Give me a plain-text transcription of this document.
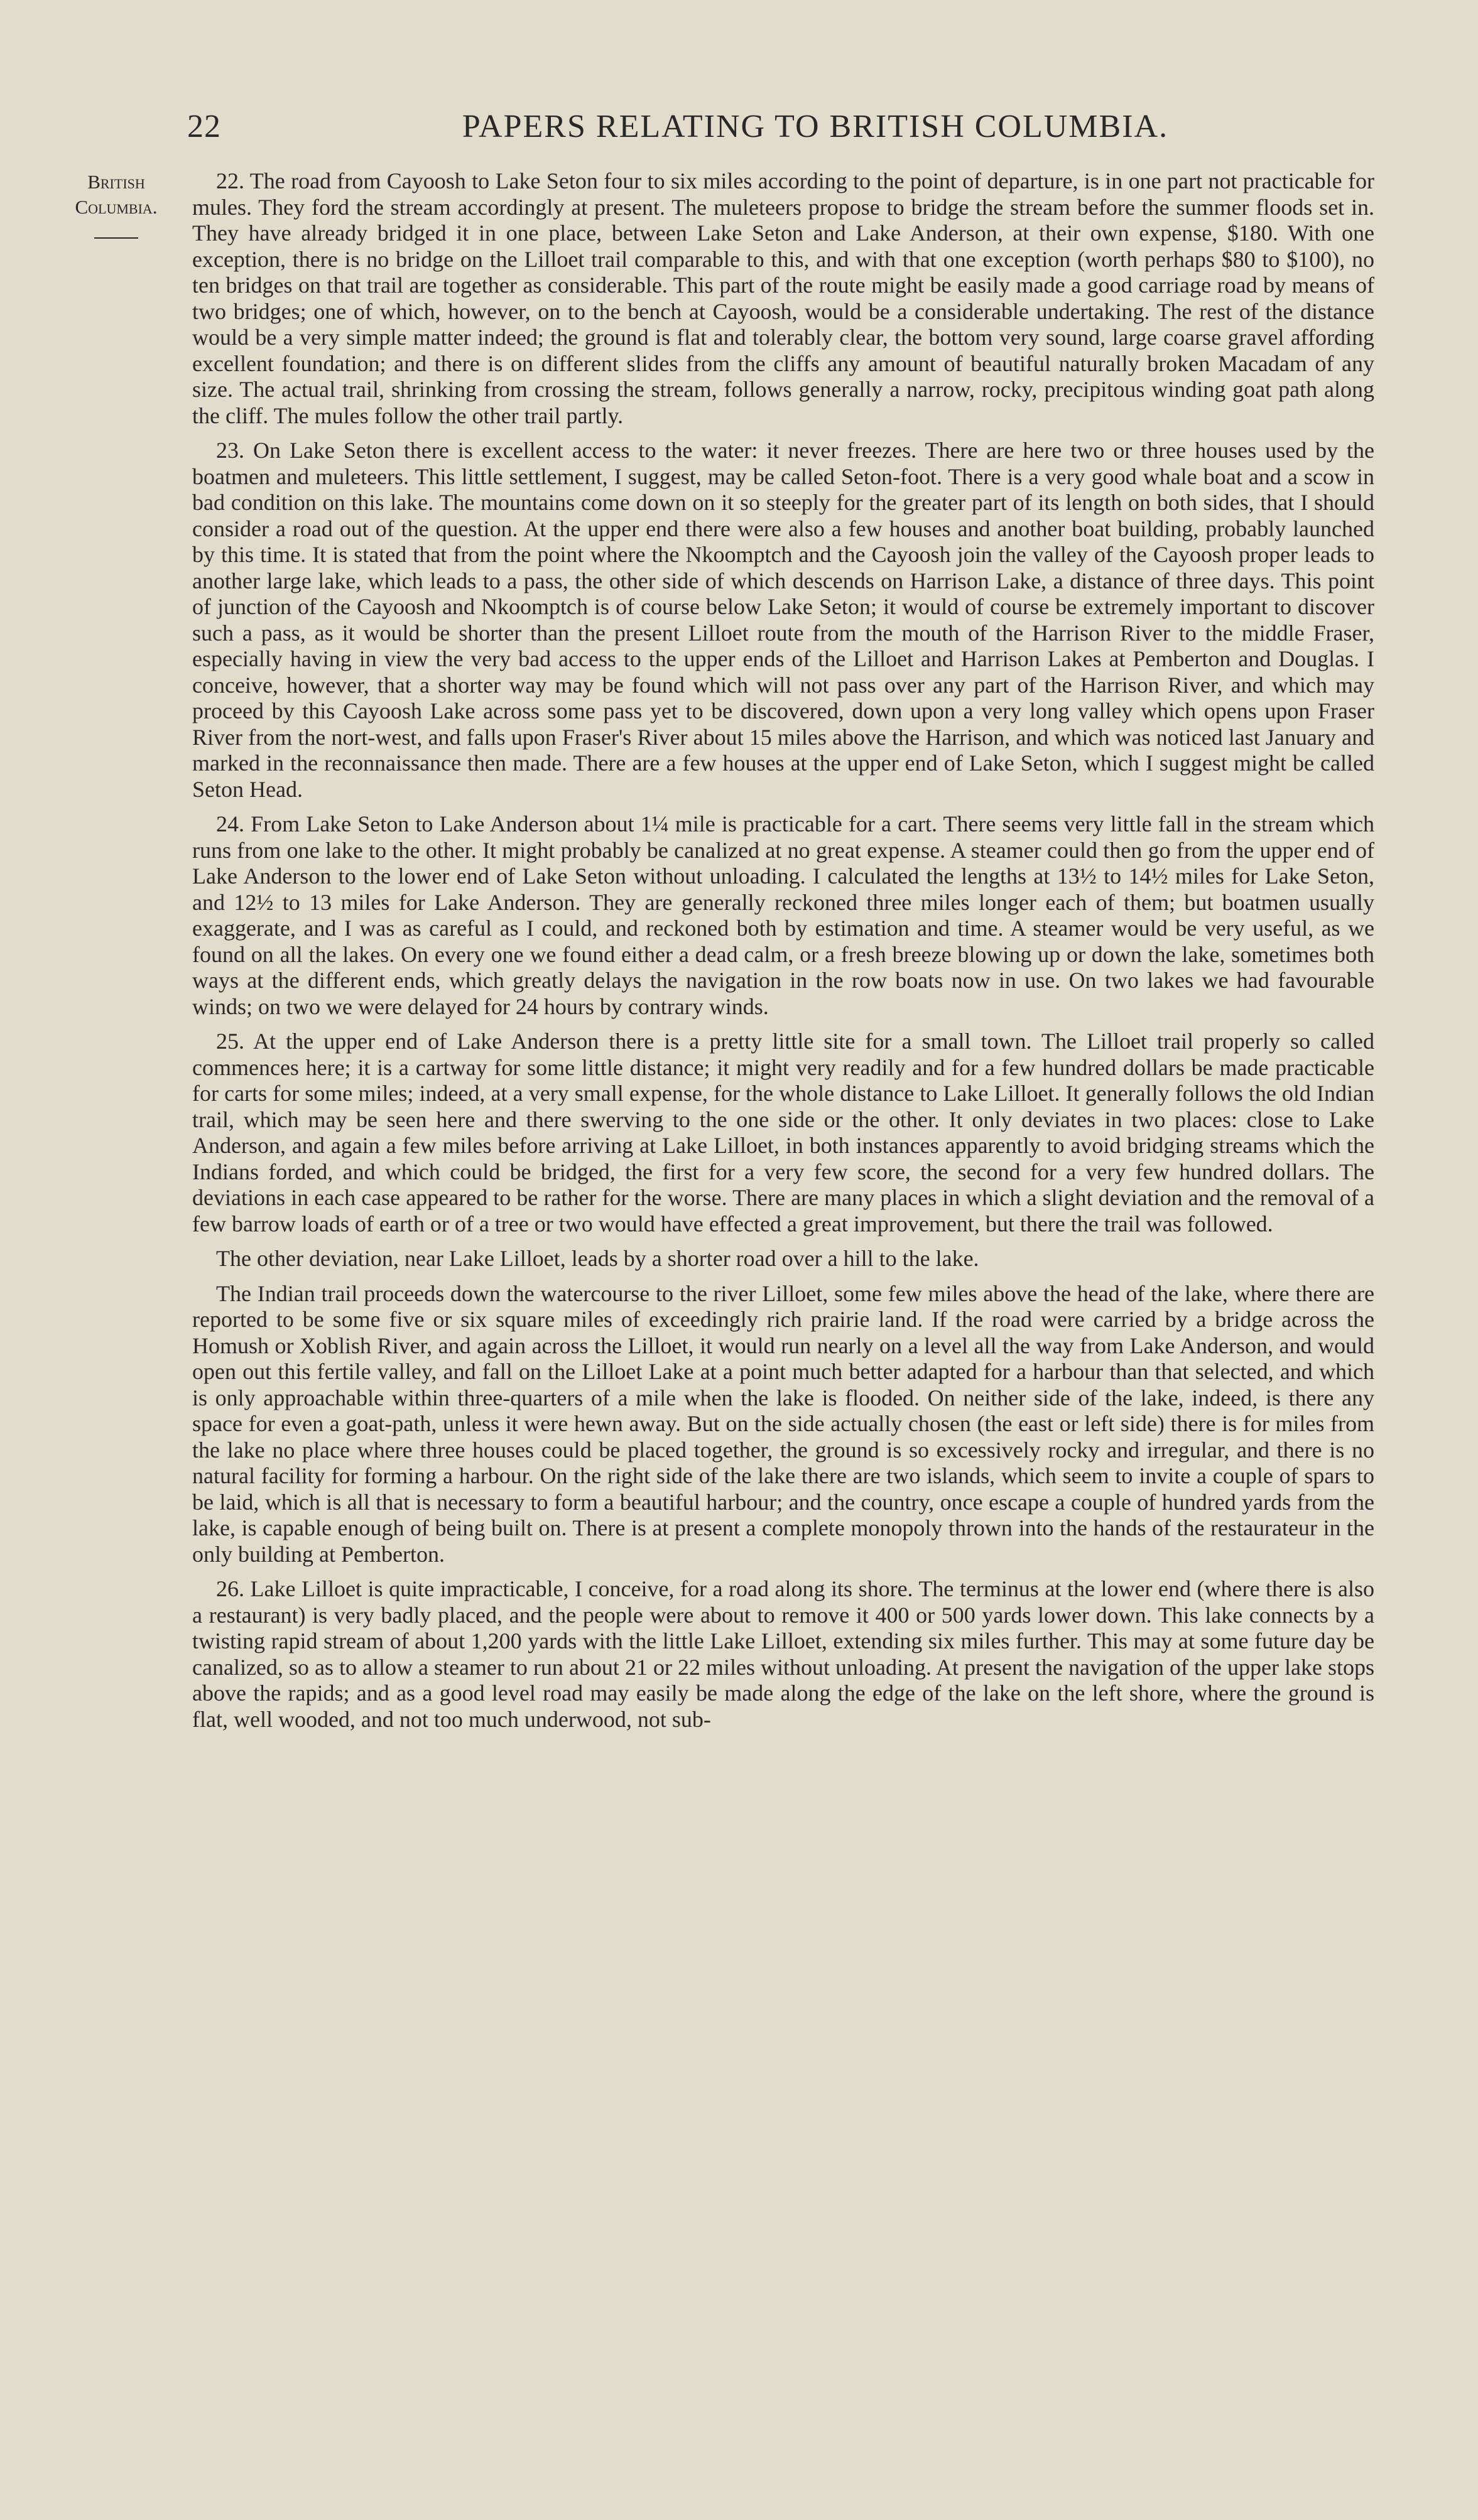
22	PAPERS RELATING TO BRITISH COLUMBIA.
British
Columbia.

22. The road from Cayoosh to Lake Seton four to six miles according to the point of departure, is in one part not practicable for mules. They ford the stream accordingly at present. The muleteers propose to bridge the stream before the summer floods set in. They have already bridged it in one place, between Lake Seton and Lake Anderson, at their own expense, $180. With one exception, there is no bridge on the Lilloet trail comparable to this, and with that one exception (worth perhaps $80 to $100), no ten bridges on that trail are together as considerable. This part of the route might be easily made a good carriage road by means of two bridges; one of which, however, on to the bench at Cayoosh, would be a considerable undertaking. The rest of the distance would be a very simple matter indeed; the ground is flat and tolerably clear, the bottom very sound, large coarse gravel affording excellent foundation; and there is on different slides from the cliffs any amount of beautiful naturally broken Macadam of any size. The actual trail, shrinking from crossing the stream, follows generally a narrow, rocky, precipitous winding goat path along the cliff. The mules follow the other trail partly.

23. On Lake Seton there is excellent access to the water: it never freezes. There are here two or three houses used by the boatmen and muleteers. This little settlement, I suggest, may be called Seton-foot. There is a very good whale boat and a scow in bad condition on this lake. The mountains come down on it so steeply for the greater part of its length on both sides, that I should consider a road out of the question. At the upper end there were also a few houses and another boat building, probably launched by this time. It is stated that from the point where the Nkoomptch and the Cayoosh join the valley of the Cayoosh proper leads to another large lake, which leads to a pass, the other side of which descends on Harrison Lake, a distance of three days. This point of junction of the Cayoosh and Nkoomptch is of course below Lake Seton; it would of course be extremely important to discover such a pass, as it would be shorter than the present Lilloet route from the mouth of the Harrison River to the middle Fraser, especially having in view the very bad access to the upper ends of the Lilloet and Harrison Lakes at Pemberton and Douglas. I conceive, however, that a shorter way may be found which will not pass over any part of the Harrison River, and which may proceed by this Cayoosh Lake across some pass yet to be discovered, down upon a very long valley which opens upon Fraser River from the nort-west, and falls upon Fraser's River about 15 miles above the Harrison, and which was noticed last January and marked in the reconnaissance then made. There are a few houses at the upper end of Lake Seton, which I suggest might be called Seton Head.

24. From Lake Seton to Lake Anderson about 1¼ mile is practicable for a cart. There seems very little fall in the stream which runs from one lake to the other. It might probably be canalized at no great expense. A steamer could then go from the upper end of Lake Anderson to the lower end of Lake Seton without unloading. I calculated the lengths at 13½ to 14½ miles for Lake Seton, and 12½ to 13 miles for Lake Anderson. They are generally reckoned three miles longer each of them; but boatmen usually exaggerate, and I was as careful as I could, and reckoned both by estimation and time. A steamer would be very useful, as we found on all the lakes. On every one we found either a dead calm, or a fresh breeze blowing up or down the lake, sometimes both ways at the different ends, which greatly delays the navigation in the row boats now in use. On two lakes we had favourable winds; on two we were delayed for 24 hours by contrary winds.

25. At the upper end of Lake Anderson there is a pretty little site for a small town. The Lilloet trail properly so called commences here; it is a cartway for some little distance; it might very readily and for a few hundred dollars be made practicable for carts for some miles; indeed, at a very small expense, for the whole distance to Lake Lilloet. It generally follows the old Indian trail, which may be seen here and there swerving to the one side or the other. It only deviates in two places: close to Lake Anderson, and again a few miles before arriving at Lake Lilloet, in both instances apparently to avoid bridging streams which the Indians forded, and which could be bridged, the first for a very few score, the second for a very few hundred dollars. The deviations in each case appeared to be rather for the worse. There are many places in which a slight deviation and the removal of a few barrow loads of earth or of a tree or two would have effected a great improvement, but there the trail was followed.

The other deviation, near Lake Lilloet, leads by a shorter road over a hill to the lake.

The Indian trail proceeds down the watercourse to the river Lilloet, some few miles above the head of the lake, where there are reported to be some five or six square miles of exceedingly rich prairie land. If the road were carried by a bridge across the Homush or Xoblish River, and again across the Lilloet, it would run nearly on a level all the way from Lake Anderson, and would open out this fertile valley, and fall on the Lilloet Lake at a point much better adapted for a harbour than that selected, and which is only approachable within three-quarters of a mile when the lake is flooded. On neither side of the lake, indeed, is there any space for even a goat-path, unless it were hewn away. But on the side actually chosen (the east or left side) there is for miles from the lake no place where three houses could be placed together, the ground is so excessively rocky and irregular, and there is no natural facility for forming a harbour. On the right side of the lake there are two islands, which seem to invite a couple of spars to be laid, which is all that is necessary to form a beautiful harbour; and the country, once escape a couple of hundred yards from the lake, is capable enough of being built on. There is at present a complete monopoly thrown into the hands of the restaurateur in the only building at Pemberton.

26. Lake Lilloet is quite impracticable, I conceive, for a road along its shore. The terminus at the lower end (where there is also a restaurant) is very badly placed, and the people were about to remove it 400 or 500 yards lower down. This lake connects by a twisting rapid stream of about 1,200 yards with the little Lake Lilloet, extending six miles further. This may at some future day be canalized, so as to allow a steamer to run about 21 or 22 miles without unloading. At present the navigation of the upper lake stops above the rapids; and as a good level road may easily be made along the edge of the lake on the left shore, where the ground is flat, well wooded, and not too much underwood, not sub-
